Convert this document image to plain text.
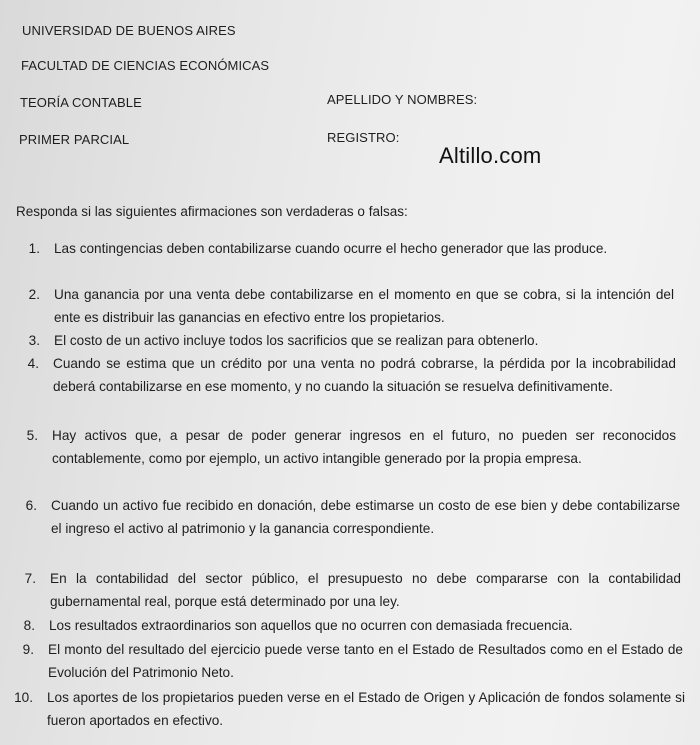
UNIVERSIDAD DE BUENOS AIRES
FACULTAD DE CIENCIAS ECONÓMICAS
TEORÍA CONTABLE
PRIMER PARCIAL
APELLIDO Y NOMBRES:
REGISTRO:
Altillo.com
Responda si las siguientes afirmaciones son verdaderas o falsas:
1. Las contingencias deben contabilizarse cuando ocurre el hecho generador que las produce.
2. Una ganancia por una venta debe contabilizarse en el momento en que se cobra, si la intención del ente es distribuir las ganancias en efectivo entre los propietarios.
3. El costo de un activo incluye todos los sacrificios que se realizan para obtenerlo.
4. Cuando se estima que un crédito por una venta no podrá cobrarse, la pérdida por la incobrabilidad deberá contabilizarse en ese momento, y no cuando la situación se resuelva definitivamente.
5. Hay activos que, a pesar de poder generar ingresos en el futuro, no pueden ser reconocidos contablemente, como por ejemplo, un activo intangible generado por la propia empresa.
6. Cuando un activo fue recibido en donación, debe estimarse un costo de ese bien y debe contabilizarse el ingreso el activo al patrimonio y la ganancia correspondiente.
7. En la contabilidad del sector público, el presupuesto no debe compararse con la contabilidad gubernamental real, porque está determinado por una ley.
8. Los resultados extraordinarios son aquellos que no ocurren con demasiada frecuencia.
9. El monto del resultado del ejercicio puede verse tanto en el Estado de Resultados como en el Estado de Evolución del Patrimonio Neto.
10. Los aportes de los propietarios pueden verse en el Estado de Origen y Aplicación de fondos solamente si fueron aportados en efectivo.
